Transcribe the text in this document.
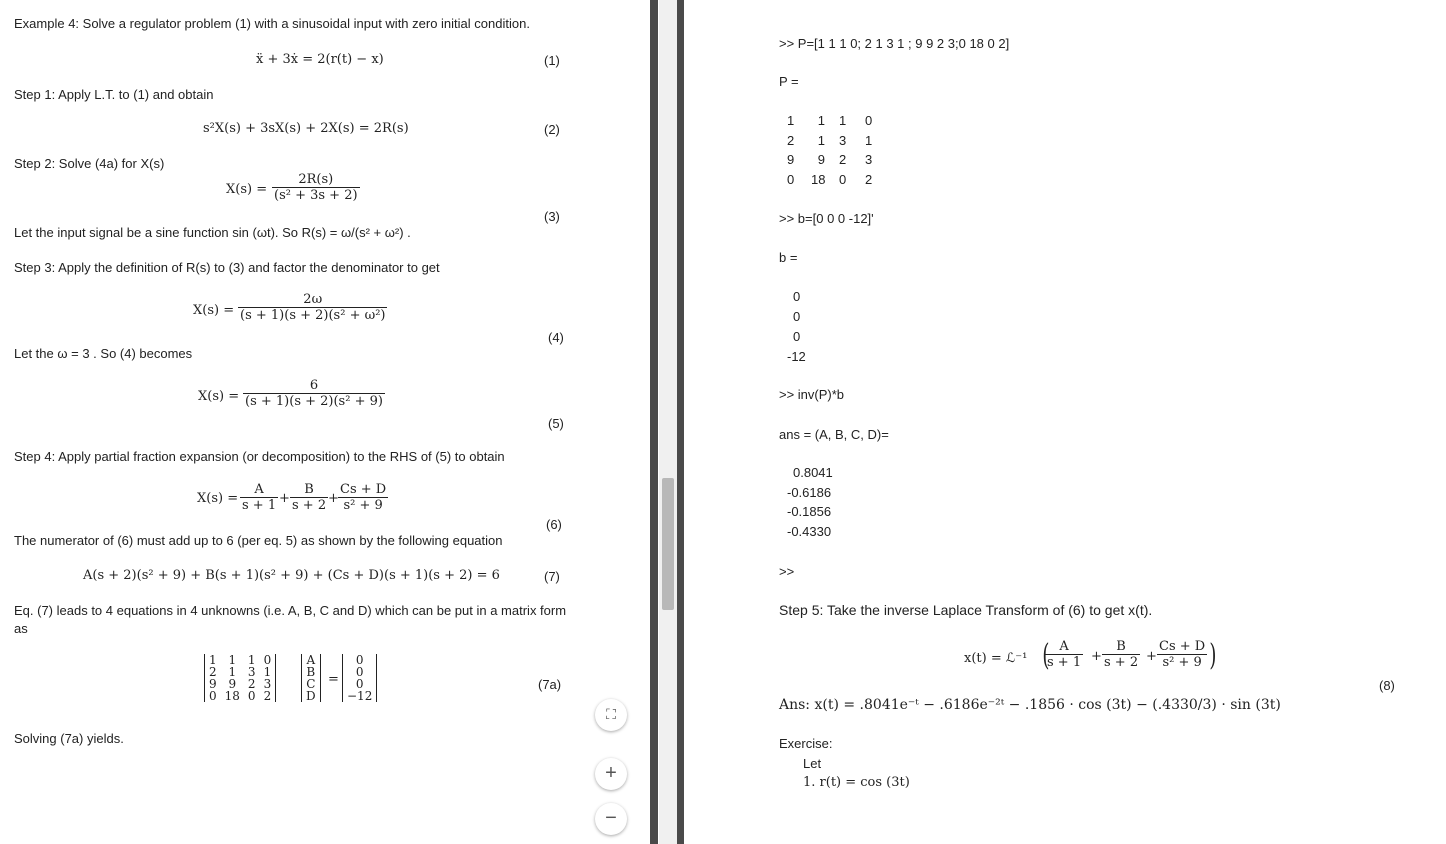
Example 4: Solve a regulator problem (1) with a sinusoidal input with zero initial condition.
ẍ + 3ẋ = 2(r(t) − x)	(1)
Step 1: Apply L.T. to (1) and obtain
s²X(s) + 3sX(s) + 2X(s) = 2R(s)	(2)
Step 2: Solve (4a) for X(s)
$X(s) = \frac{2R(s)}{\text{(s² + 3s + 2)}}$
(3)
Let the input signal be a sine function sin (ωt). So R(s) = ω/(s² + ω²) .
Step 3: Apply the definition of R(s) to (3) and factor the denominator to get
$X(s) = \frac{2\omega}{\text{(s + 1)(s + 2)(s² + ω²)}}$
(4)
Let the ω = 3 . So (4) becomes
$X(s) = \frac{6}{\text{(s + 1)(s + 2)(s² + 9)}}$
(5)
Step 4: Apply partial fraction expansion (or decomposition) to the RHS of (5) to obtain
$X(s) = \frac{A}{s + 1} + \frac{B}{s + 2} + \frac{Cs + D}{\text{s² + 9}}$
(6)
The numerator of (6) must add up to 6 (per eq. 5) as shown by the following equation
A(s + 2)(s² + 9) + B(s + 1)(s² + 9) + (Cs + D)(s + 1)(s + 2) = 6	(7)
Eq. (7) leads to 4 equations in 4 unknowns (i.e. A, B, C and D) which can be put in a matrix form
as
1	1	1	0
2	1	3	1
9	9	2	3
0	18	0	2
A
B
C
D
=
0
0
0
−12
(7a)
Solving (7a) yields.
⛶
+
−
>> P=[1 1 1 0; 2 1 3 1 ; 9 9 2 3;0 18 0 2]
P =
1	1 1	0
2	1 3	1
9	9 2	3
0	18 0	2
>> b=[0 0 0 -12]'
b =
0
0
0
-12
>> inv(P)*b
ans = (A, B, C, D)=
0.8041
-0.6186
-0.1856
-0.4330
>>
Step 5: Take the inverse Laplace Transform of (6) to get x(t).
x(t) = ℒ⁻¹ (
$\frac{A}{s + 1} + \frac{B}{s + 2} + \frac{Cs + D}{\text{s² + 9}}$ )
(8)
Ans: x(t) = .8041e⁻ᵗ − .6186e⁻²ᵗ − .1856 · cos (3t) − (.4330/3) · sin (3t)
Exercise:
Let
1. r(t) = cos (3t)
